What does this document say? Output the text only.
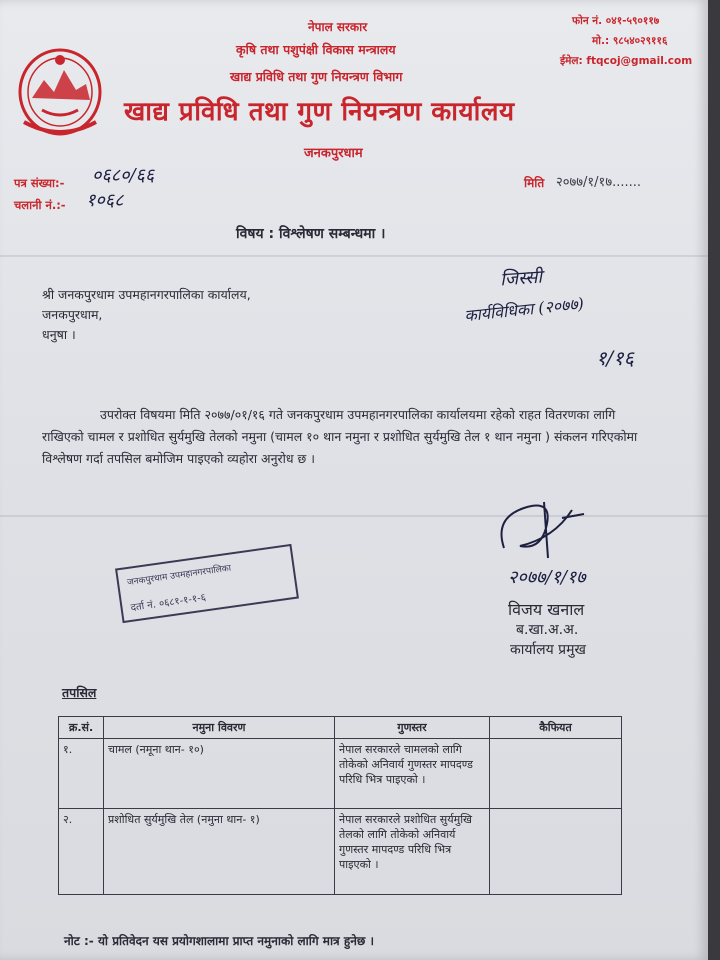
नेपाल सरकार
कृषि तथा पशुपंक्षी विकास मन्त्रालय
खाद्य प्रविधि तथा गुण नियन्त्रण विभाग
खाद्य प्रविधि तथा गुण नियन्त्रण कार्यालय
जनकपुरधाम
फोन नं. ०४१-५९०११७
मो.: ९८५४०२९११६
ईमेल: ftqcoj@gmail.com
पत्र संख्या:- ०६८०/६६
चलानी नं.:- १०६८
मिति २०७७/१/१७.......
विषय : विश्लेषण सम्बन्धमा ।
श्री जनकपुरधाम उपमहानगरपालिका कार्यालय,
जनकपुरधाम,
धनुषा ।
जिस्सी
कार्यविधिका (२०७७)
१/१६
उपरोक्त विषयमा मिति २०७७/०१/१६ गते जनकपुरधाम उपमहानगरपालिका कार्यालयमा रहेको राहत वितरणका लागि राखिएको चामल र प्रशोधित सुर्यमुखि तेलको नमुना (चामल १० थान नमुना र प्रशोधित सुर्यमुखि तेल १ थान नमुना ) संकलन गरिएकोमा विश्लेषण गर्दा तपसिल बमोजिम पाइएको व्यहोरा अनुरोध छ ।
२०७७/१/१७
विजय खनाल
ब.खा.अ.अ.
कार्यालय प्रमुख
जनकपुरधाम उपमहानगरपालिका
दर्ता नं. ०६८१-१-१-६
तपसिल
क्र.सं.	नमुना विवरण	गुणस्तर	कैफियत
१.	चामल (नमूना थान- १०)	नेपाल सरकारले चामलको लागि तोकेको अनिवार्य गुणस्तर मापदण्ड परिधि भित्र पाइएको ।	
२.	प्रशोधित सुर्यमुखि तेल (नमुना थान- १)	नेपाल सरकारले प्रशोधित सुर्यमुखि तेलको लागि तोकेको अनिवार्य गुणस्तर मापदण्ड परिधि भित्र पाइएको ।	
नोट :- यो प्रतिवेदन यस प्रयोगशालामा प्राप्त नमुनाको लागि मात्र हुनेछ ।
